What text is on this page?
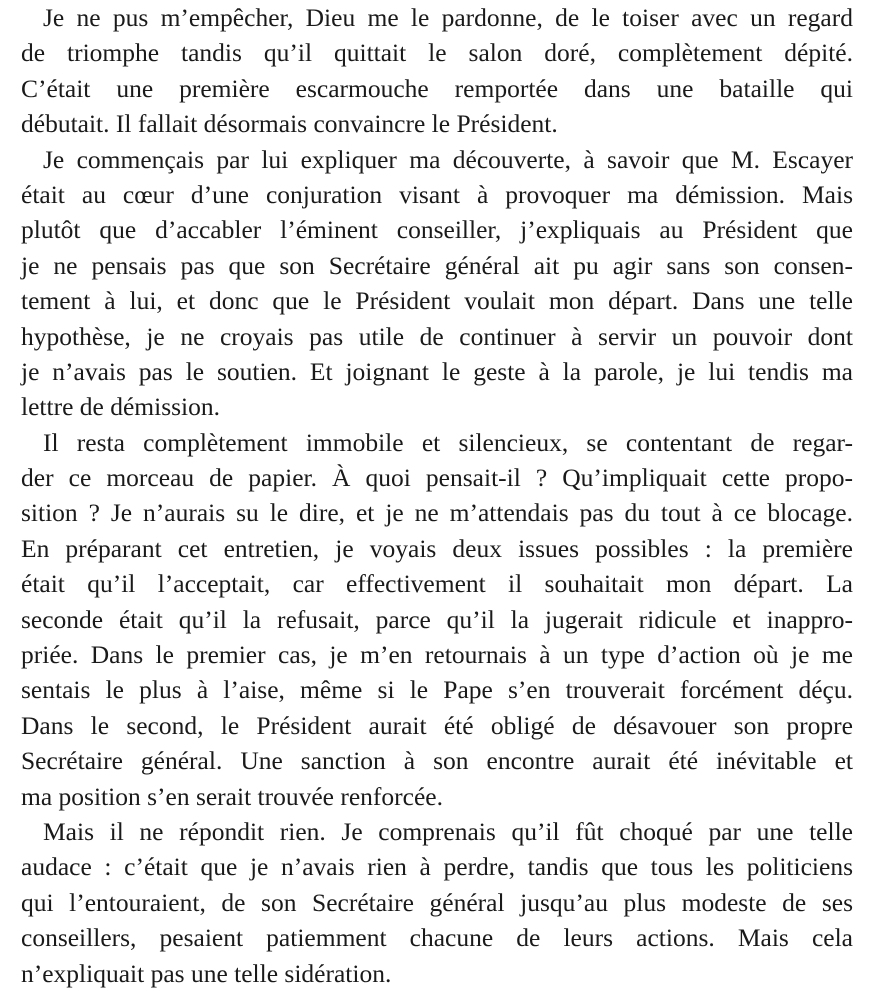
Je ne pus m’empêcher, Dieu me le pardonne, de le toiser avec un regard
de triomphe tandis qu’il quittait le salon doré, complètement dépité.
C’était une première escarmouche remportée dans une bataille qui
débutait. Il fallait désormais convaincre le Président.
Je commençais par lui expliquer ma découverte, à savoir que M. Escayer
était au cœur d’une conjuration visant à provoquer ma démission. Mais
plutôt que d’accabler l’éminent conseiller, j’expliquais au Président que
je ne pensais pas que son Secrétaire général ait pu agir sans son consen-
tement à lui, et donc que le Président voulait mon départ. Dans une telle
hypothèse, je ne croyais pas utile de continuer à servir un pouvoir dont
je n’avais pas le soutien. Et joignant le geste à la parole, je lui tendis ma
lettre de démission.
Il resta complètement immobile et silencieux, se contentant de regar-
der ce morceau de papier. À quoi pensait-il ? Qu’impliquait cette propo-
sition ? Je n’aurais su le dire, et je ne m’attendais pas du tout à ce blocage.
En préparant cet entretien, je voyais deux issues possibles : la première
était qu’il l’acceptait, car effectivement il souhaitait mon départ. La
seconde était qu’il la refusait, parce qu’il la jugerait ridicule et inappro-
priée. Dans le premier cas, je m’en retournais à un type d’action où je me
sentais le plus à l’aise, même si le Pape s’en trouverait forcément déçu.
Dans le second, le Président aurait été obligé de désavouer son propre
Secrétaire général. Une sanction à son encontre aurait été inévitable et
ma position s’en serait trouvée renforcée.
Mais il ne répondit rien. Je comprenais qu’il fût choqué par une telle
audace : c’était que je n’avais rien à perdre, tandis que tous les politiciens
qui l’entouraient, de son Secrétaire général jusqu’au plus modeste de ses
conseillers, pesaient patiemment chacune de leurs actions. Mais cela
n’expliquait pas une telle sidération.
